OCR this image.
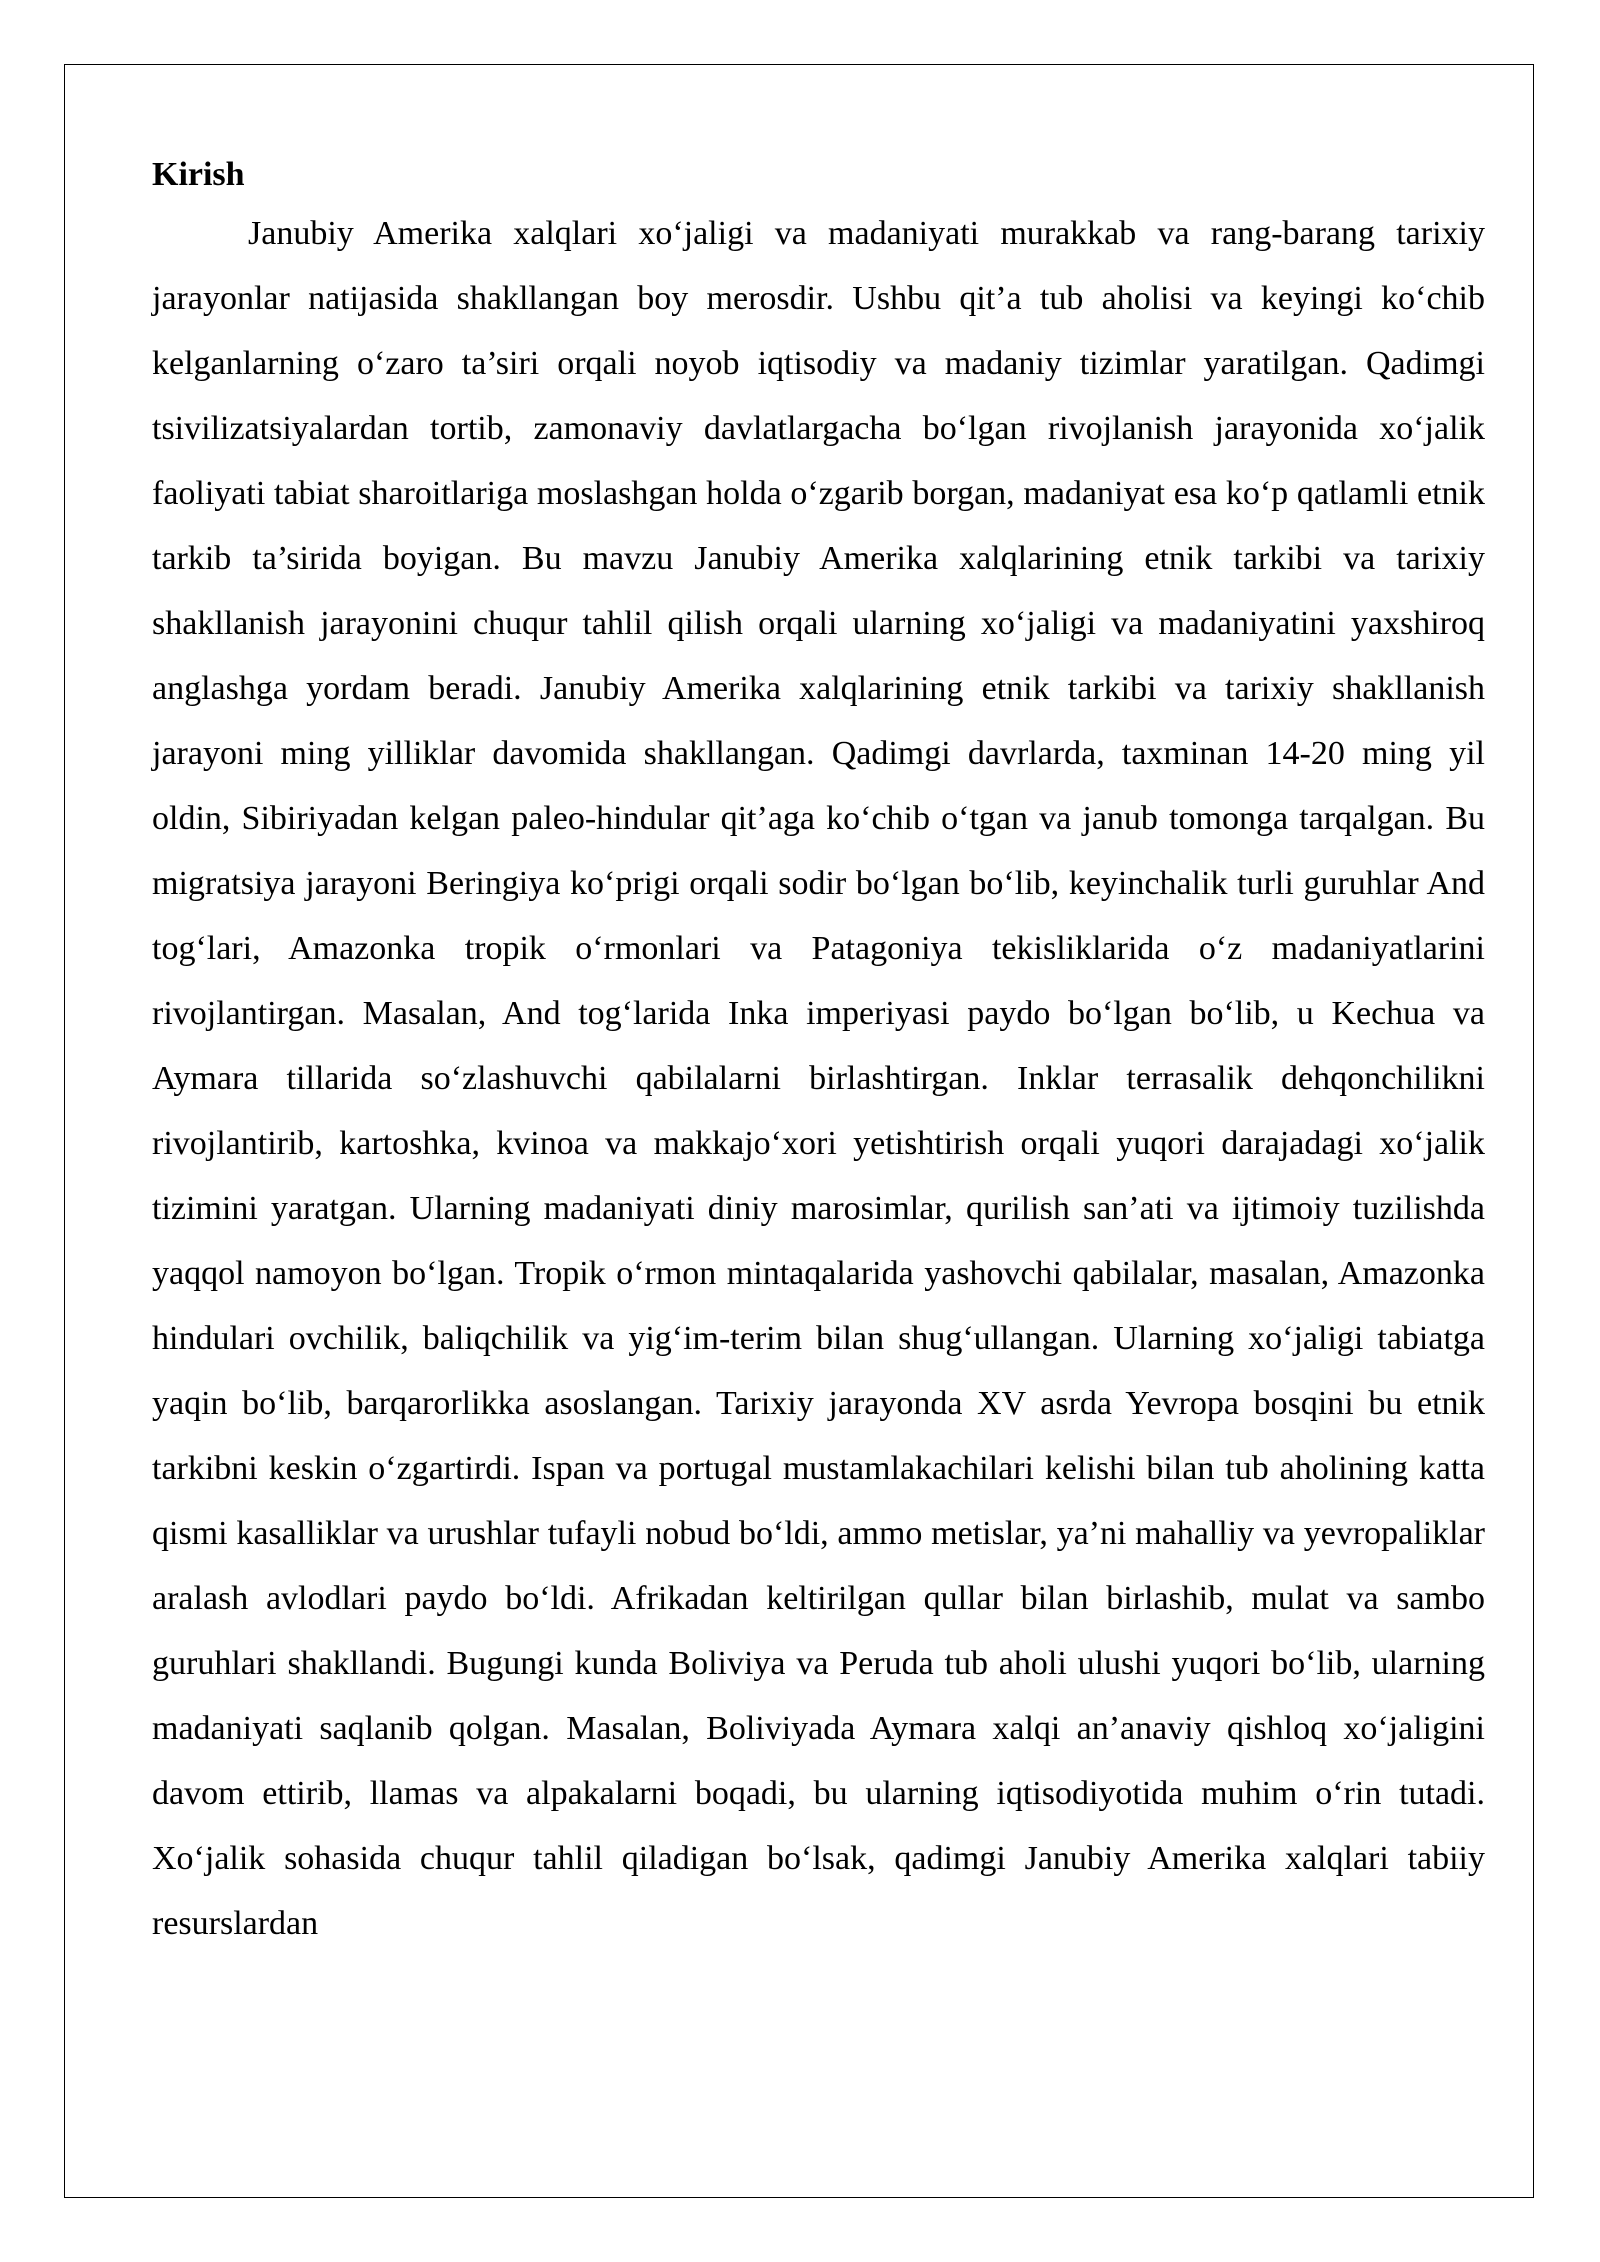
Kirish

Janubiy Amerika xalqlari xo‘jaligi va madaniyati murakkab va rang-barang tarixiy jarayonlar natijasida shakllangan boy merosdir. Ushbu qit’a tub aholisi va keyingi ko‘chib kelganlarning o‘zaro ta’siri orqali noyob iqtisodiy va madaniy tizimlar yaratilgan. Qadimgi tsivilizatsiyalardan tortib, zamonaviy davlatlargacha bo‘lgan rivojlanish jarayonida xo‘jalik faoliyati tabiat sharoitlariga moslashgan holda o‘zgarib borgan, madaniyat esa ko‘p qatlamli etnik tarkib ta’sirida boyigan. Bu mavzu Janubiy Amerika xalqlarining etnik tarkibi va tarixiy shakllanish jarayonini chuqur tahlil qilish orqali ularning xo‘jaligi va madaniyatini yaxshiroq anglashga yordam beradi. Janubiy Amerika xalqlarining etnik tarkibi va tarixiy shakllanish jarayoni ming yilliklar davomida shakllangan. Qadimgi davrlarda, taxminan 14-20 ming yil oldin, Sibiriyadan kelgan paleo-hindular qit’aga ko‘chib o‘tgan va janub tomonga tarqalgan. Bu migratsiya jarayoni Beringiya ko‘prigi orqali sodir bo‘lgan bo‘lib, keyinchalik turli guruhlar And tog‘lari, Amazonka tropik o‘rmonlari va Patagoniya tekisliklarida o‘z madaniyatlarini rivojlantirgan. Masalan, And tog‘larida Inka imperiyasi paydo bo‘lgan bo‘lib, u Kechua va Aymara tillarida so‘zlashuvchi qabilalarni birlashtirgan. Inklar terrasalik dehqonchilikni rivojlantirib, kartoshka, kvinoa va makkajo‘xori yetishtirish orqali yuqori darajadagi xo‘jalik tizimini yaratgan. Ularning madaniyati diniy marosimlar, qurilish san’ati va ijtimoiy tuzilishda yaqqol namoyon bo‘lgan. Tropik o‘rmon mintaqalarida yashovchi qabilalar, masalan, Amazonka hindulari ovchilik, baliqchilik va yig‘im-terim bilan shug‘ullangan. Ularning xo‘jaligi tabiatga yaqin bo‘lib, barqarorlikka asoslangan. Tarixiy jarayonda XV asrda Yevropa bosqini bu etnik tarkibni keskin o‘zgartirdi. Ispan va portugal mustamlakachilari kelishi bilan tub aholining katta qismi kasalliklar va urushlar tufayli nobud bo‘ldi, ammo metislar, ya’ni mahalliy va yevropaliklar aralash avlodlari paydo bo‘ldi. Afrikadan keltirilgan qullar bilan birlashib, mulat va sambo guruhlari shakllandi. Bugungi kunda Boliviya va Peruda tub aholi ulushi yuqori bo‘lib, ularning madaniyati saqlanib qolgan. Masalan, Boliviyada Aymara xalqi an’anaviy qishloq xo‘jaligini davom ettirib, llamas va alpakalarni boqadi, bu ularning iqtisodiyotida muhim o‘rin tutadi. Xo‘jalik sohasida chuqur tahlil qiladigan bo‘lsak, qadimgi Janubiy Amerika xalqlari tabiiy resurslardan
